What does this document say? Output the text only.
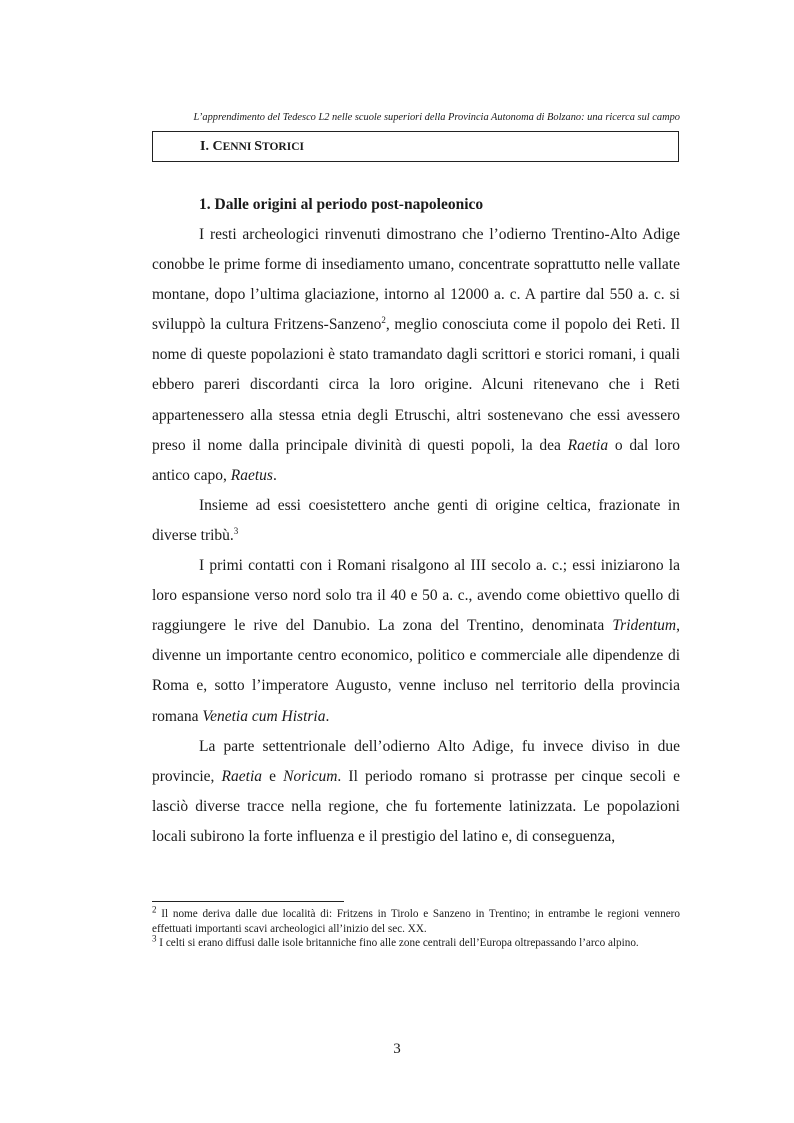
L’apprendimento del Tedesco L2 nelle scuole superiori della Provincia Autonoma di Bolzano: una ricerca sul campo
I. CENNI STORICI
1. Dalle origini al periodo post-napoleonico

I resti archeologici rinvenuti dimostrano che l’odierno Trentino-Alto Adige conobbe le prime forme di insediamento umano, concentrate soprattutto nelle vallate montane, dopo l’ultima glaciazione, intorno al 12000 a. c. A partire dal 550 a. c. si sviluppò la cultura Fritzens-Sanzeno$^2$, meglio conosciuta come il popolo dei Reti. Il nome di queste popolazioni è stato tramandato dagli scrittori e storici romani, i quali ebbero pareri discordanti circa la loro origine. Alcuni ritenevano che i Reti appartenessero alla stessa etnia degli Etruschi, altri sostenevano che essi avessero preso il nome dalla principale divinità di questi popoli, la dea Raetia o dal loro antico capo, Raetus.

Insieme ad essi coesistettero anche genti di origine celtica, frazionate in diverse tribù.$^3$

I primi contatti con i Romani risalgono al III secolo a. c.; essi iniziarono la loro espansione verso nord solo tra il 40 e 50 a. c., avendo come obiettivo quello di raggiungere le rive del Danubio. La zona del Trentino, denominata Tridentum, divenne un importante centro economico, politico e commerciale alle dipendenze di Roma e, sotto l’imperatore Augusto, venne incluso nel territorio della provincia romana Venetia cum Histria.

La parte settentrionale dell’odierno Alto Adige, fu invece diviso in due provincie, Raetia e Noricum. Il periodo romano si protrasse per cinque secoli e lasciò diverse tracce nella regione, che fu fortemente latinizzata. Le popolazioni locali subirono la forte influenza e il prestigio del latino e, di conseguenza,

$^2$ Il nome deriva dalle due località di: Fritzens in Tirolo e Sanzeno in Trentino; in entrambe le regioni vennero effettuati importanti scavi archeologici all’inizio del sec. XX.

$^3$ I celti si erano diffusi dalle isole britanniche fino alle zone centrali dell’Europa oltrepassando l’arco alpino.

3
